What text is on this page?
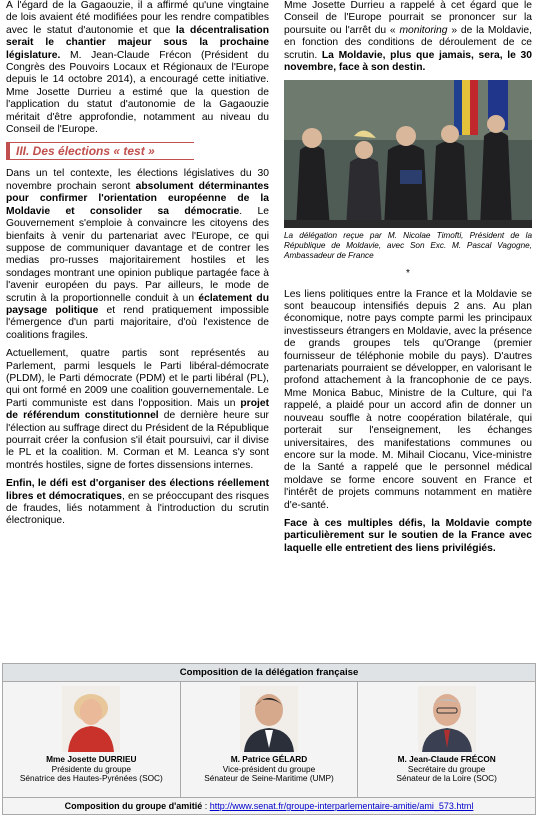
À l'égard de la Gagaouzie, il a affirmé qu'une vingtaine de lois avaient été modifiées pour les rendre compatibles avec le statut d'autonomie et que la décentralisation serait le chantier majeur sous la prochaine législature. M. Jean-Claude Frécon (Président du Congrès des Pouvoirs Locaux et Régionaux de l'Europe depuis le 14 octobre 2014), a encouragé cette initiative. Mme Josette Durrieu a estimé que la question de l'application du statut d'autonomie de la Gagaouzie méritait d'être approfondie, notamment au niveau du Conseil de l'Europe.

III. Des élections « test »

Dans un tel contexte, les élections législatives du 30 novembre prochain seront absolument déterminantes pour confirmer l'orientation européenne de la Moldavie et consolider sa démocratie. Le Gouvernement s'emploie à convaincre les citoyens des bienfaits à venir du partenariat avec l'Europe, ce qui suppose de communiquer davantage et de contrer les medias pro-russes majoritairement hostiles et les sondages montrant une opinion publique partagée face à l'avenir européen du pays. Par ailleurs, le mode de scrutin à la proportionnelle conduit à un éclatement du paysage politique et rend pratiquement impossible l'émergence d'un parti majoritaire, d'où l'existence de coalitions fragiles.

Actuellement, quatre partis sont représentés au Parlement, parmi lesquels le Parti libéral-démocrate (PLDM), le Parti démocrate (PDM) et le parti libéral (PL), qui ont formé en 2009 une coalition gouvernementale. Le Parti communiste est dans l'opposition. Mais un projet de référendum constitutionnel de dernière heure sur l'élection au suffrage direct du Président de la République pourrait créer la confusion s'il était poursuivi, car il divise le PL et la coalition. M. Corman et M. Leanca s'y sont montrés hostiles, signe de fortes dissensions internes.

Enfin, le défi est d'organiser des élections réellement libres et démocratiques, en se préoccupant des risques de fraudes, liés notamment à l'introduction du scrutin électronique.

Mme Josette Durrieu a rappelé à cet égard que le Conseil de l'Europe pourrait se prononcer sur la poursuite ou l'arrêt du « monitoring » de la Moldavie, en fonction des conditions de déroulement de ce scrutin. La Moldavie, plus que jamais, sera, le 30 novembre, face à son destin.

La délégation reçue par M. Nicolae Timofti, Président de la République de Moldavie, avec Son Exc. M. Pascal Vagogne, Ambassadeur de France

*

Les liens politiques entre la France et la Moldavie se sont beaucoup intensifiés depuis 2 ans. Au plan économique, notre pays compte parmi les principaux investisseurs étrangers en Moldavie, avec la présence de grands groupes tels qu'Orange (premier fournisseur de téléphonie mobile du pays). D'autres partenariats pourraient se développer, en valorisant le profond attachement à la francophonie de ce pays. Mme Monica Babuc, Ministre de la Culture, qui l'a rappelé, a plaidé pour un accord afin de donner un nouveau souffle à notre coopération bilatérale, qui porterait sur l'enseignement, les échanges universitaires, des manifestations communes ou encore sur la mode. M. Mihail Ciocanu, Vice-ministre de la Santé a rappelé que le personnel médical moldave se forme encore souvent en France et l'intérêt de projets communs notamment en matière d'e-santé.

Face à ces multiples défis, la Moldavie compte particulièrement sur le soutien de la France avec laquelle elle entretient des liens privilégiés.

Composition de la délégation française
Mme Josette DURRIEU
Présidente du groupe
Sénatrice des Hautes-Pyrénées (SOC)
M. Patrice GÉLARD
Vice-président du groupe
Sénateur de Seine-Maritime (UMP)
M. Jean-Claude FRÉCON
Secrétaire du groupe
Sénateur de la Loire (SOC)
Composition du groupe d'amitié : http://www.senat.fr/groupe-interparlementaire-amitie/ami_573.html
